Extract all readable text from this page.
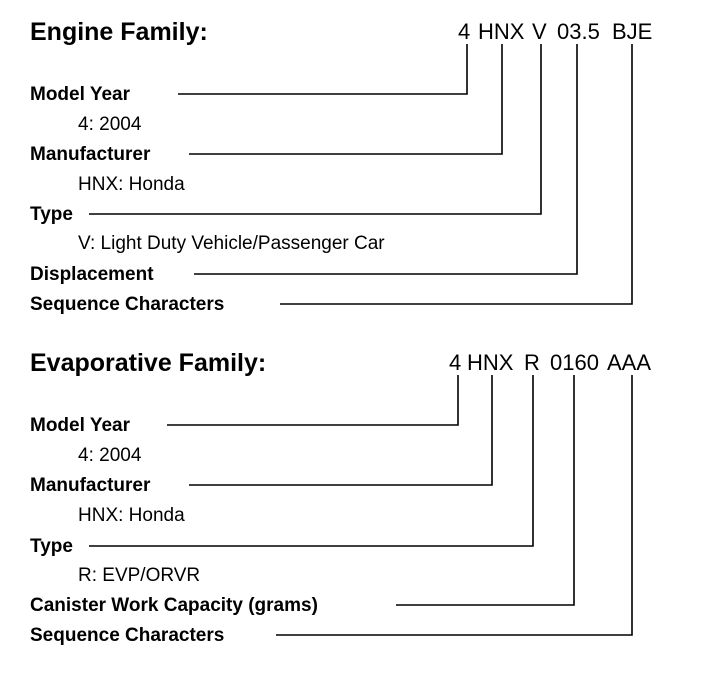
Engine Family:	4 HNX V 03.5 BJE
Model Year
4: 2004
Manufacturer
HNX: Honda
Type
V: Light Duty Vehicle/Passenger Car
Displacement
Sequence Characters
Evaporative Family:	4 HNX R 0160 AAA
Model Year
4: 2004
Manufacturer
HNX: Honda
Type
R: EVP/ORVR
Canister Work Capacity (grams)
Sequence Characters
